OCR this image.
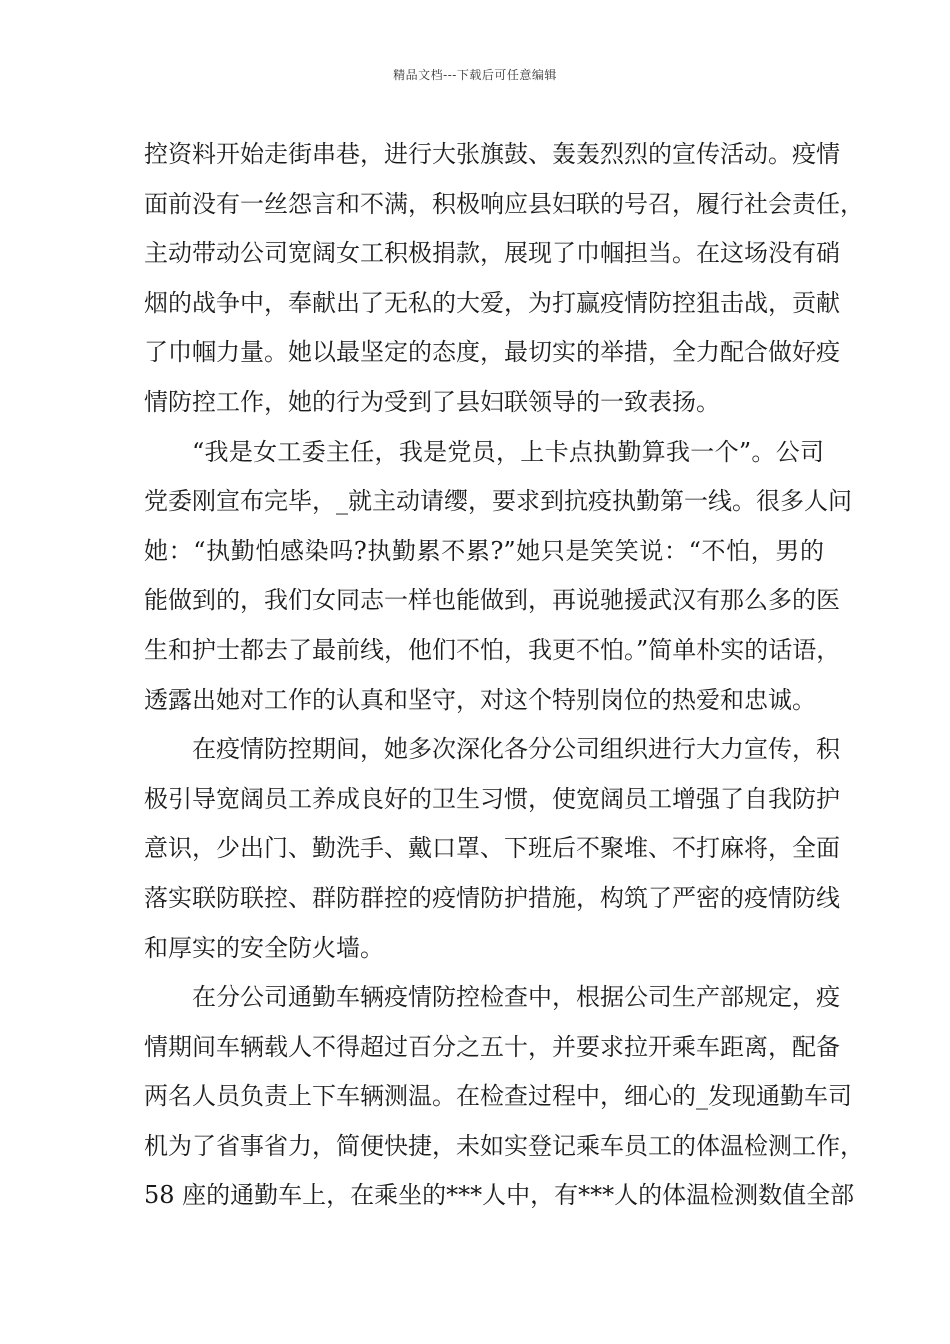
精品文档---下载后可任意编辑
控资料开始走街串巷，进行大张旗鼓、轰轰烈烈的宣传活动。疫情
面前没有一丝怨言和不满，积极响应县妇联的号召，履行社会责任，
主动带动公司宽阔女工积极捐款，展现了巾帼担当。在这场没有硝
烟的战争中，奉献出了无私的大爱，为打赢疫情防控狙击战，贡献
了巾帼力量。她以最坚定的态度，最切实的举措，全力配合做好疫
情防控工作，她的行为受到了县妇联领导的一致表扬。
“我是女工委主任，我是党员，上卡点执勤算我一个”。公司
党委刚宣布完毕，_就主动请缨，要求到抗疫执勤第一线。很多人问
她：“执勤怕感染吗?执勤累不累?”她只是笑笑说：“不怕，男的
能做到的，我们女同志一样也能做到，再说驰援武汉有那么多的医
生和护士都去了最前线，他们不怕，我更不怕。”简单朴实的话语，
透露出她对工作的认真和坚守，对这个特别岗位的热爱和忠诚。
在疫情防控期间，她多次深化各分公司组织进行大力宣传，积
极引导宽阔员工养成良好的卫生习惯，使宽阔员工增强了自我防护
意识，少出门、勤洗手、戴口罩、下班后不聚堆、不打麻将，全面
落实联防联控、群防群控的疫情防护措施，构筑了严密的疫情防线
和厚实的安全防火墙。
在分公司通勤车辆疫情防控检查中，根据公司生产部规定，疫
情期间车辆载人不得超过百分之五十，并要求拉开乘车距离，配备
两名人员负责上下车辆测温。在检查过程中，细心的_发现通勤车司
机为了省事省力，简便快捷，未如实登记乘车员工的体温检测工作，
58 座的通勤车上，在乘坐的***人中，有***人的体温检测数值全部
